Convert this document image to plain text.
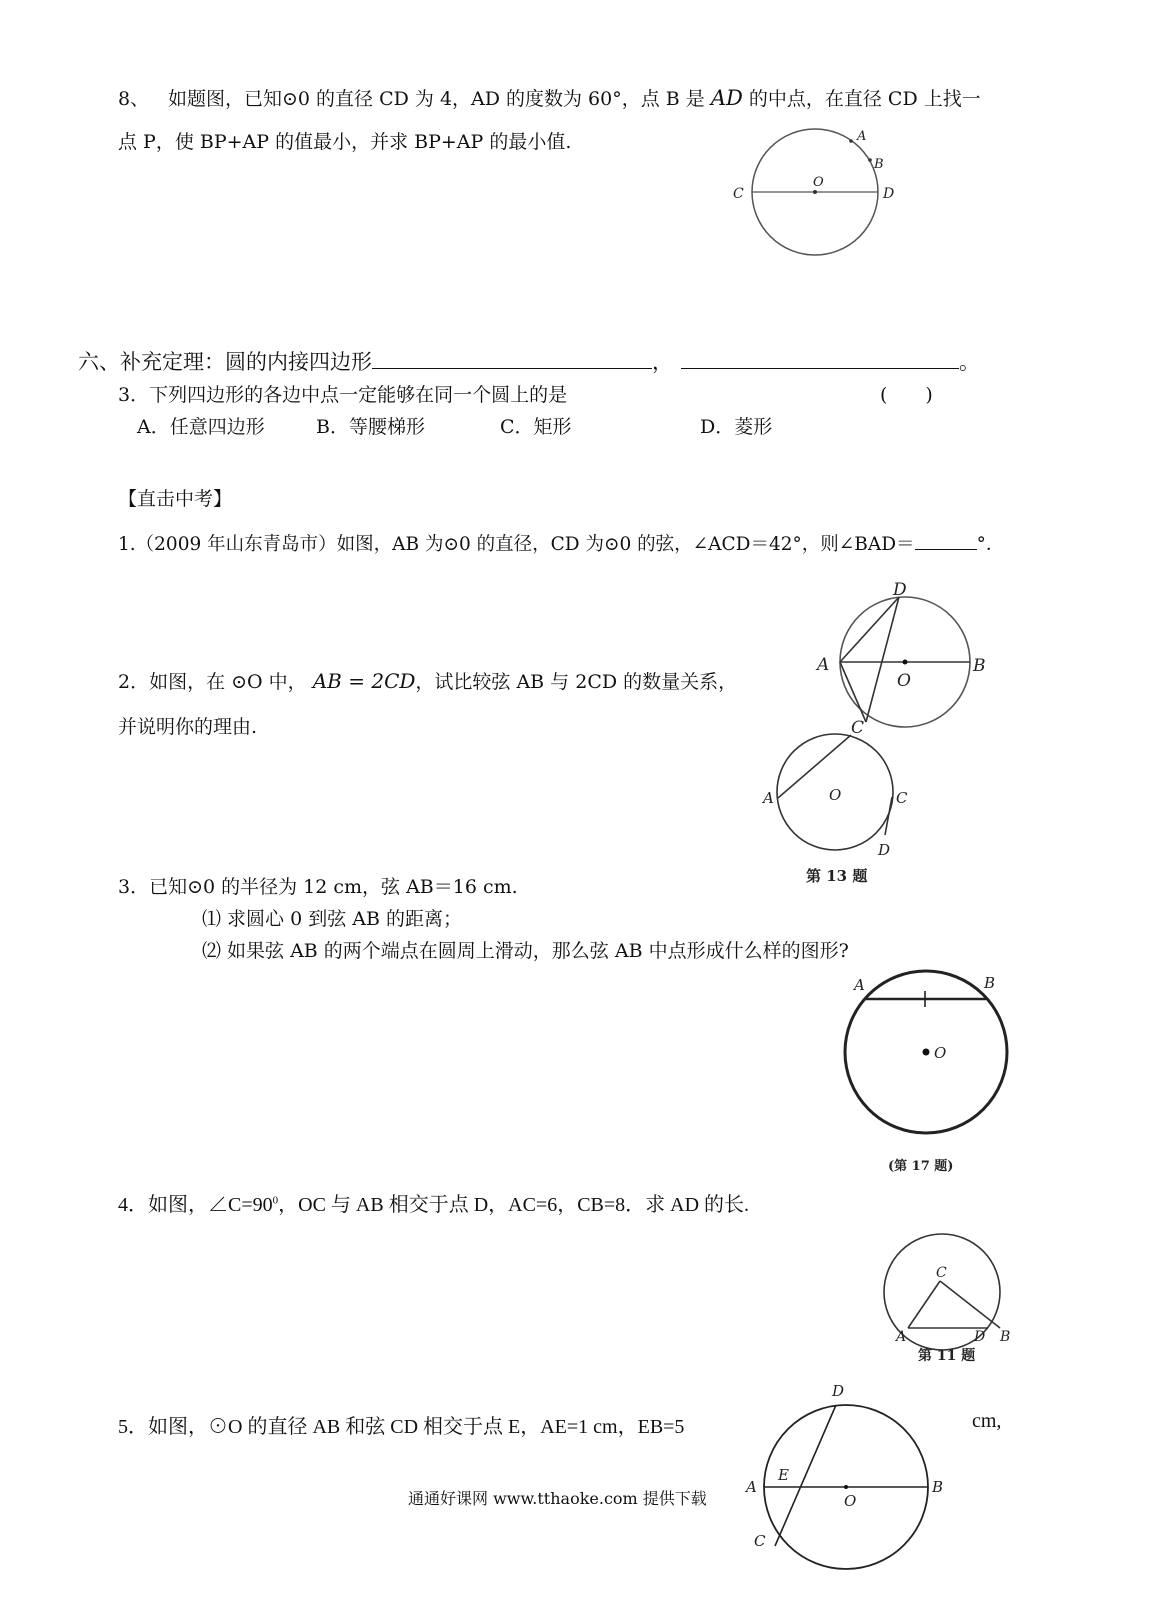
8、 如题图，已知⊙0 的直径 CD 为 4，AD 的度数为 60°，点 B 是 AD 的中点，在直径 CD 上找一
点 P，使 BP+AP 的值最小，并求 BP+AP 的最小值.	A
B
C	D
O
六、补充定理：圆的内接四边形	，	。
3．下列四边形的各边中点一定能够在同一个圆上的是	(　　)
A．任意四边形	B．等腰梯形	C．矩形	D．菱形
【直击中考】
1.（2009 年山东青岛市）如图，AB 为⊙0 的直径，CD 为⊙0 的弦，∠ACD＝42°，则∠BAD＝	°．
D
A	B
O
C
2．如图，在 ⊙O 中， AB = 2CD，试比较弦 AB 与 2CD 的数量关系，
并说明你的理由.
A	O	C
D
第 13 题
3．已知⊙0 的半径为 12 cm，弦 AB＝16 cm.
⑴ 求圆心 0 到弦 AB 的距离；
⑵ 如果弦 AB 的两个端点在圆周上滑动，那么弦 AB 中点形成什么样的图形?
A	B
O
(第 17 题)
4．如图，$\angle C=90^0$，OC 与 AB 相交于点 D，AC=6，CB=8．求 AD 的长.
C
A	D B
第 11 题
5．如图，⊙O 的直径 AB 和弦 CD 相交于点 E，AE=1 cm，EB=5	cm,
D
A
E
O
B
C
通通好课网 www.tthaoke.com 提供下载
